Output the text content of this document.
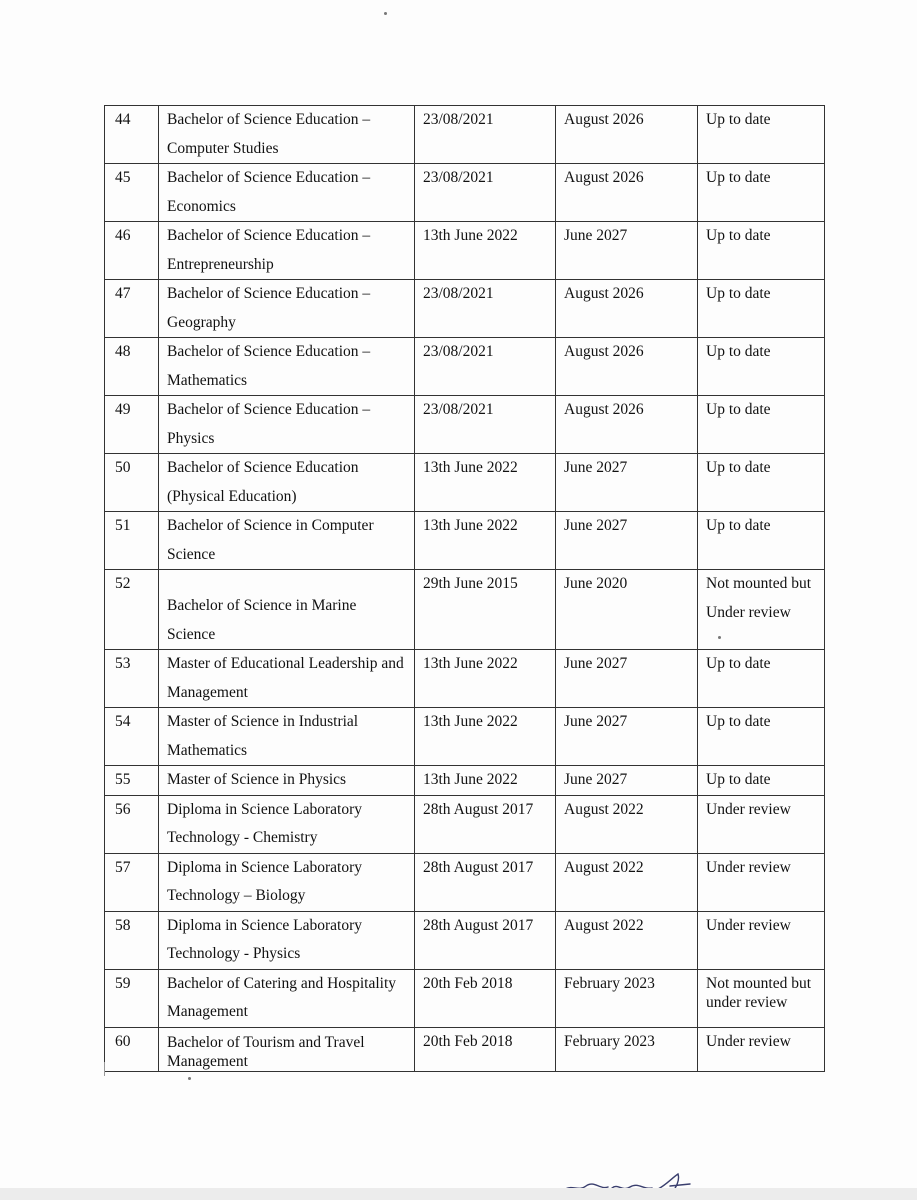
44	Bachelor of Science Education – Computer Studies	23/08/2021	August 2026	Up to date
45	Bachelor of Science Education – Economics	23/08/2021	August 2026	Up to date
46	Bachelor of Science Education – Entrepreneurship	13th June 2022	June 2027	Up to date
47	Bachelor of Science Education – Geography	23/08/2021	August 2026	Up to date
48	Bachelor of Science Education – Mathematics	23/08/2021	August 2026	Up to date
49	Bachelor of Science Education – Physics	23/08/2021	August 2026	Up to date
50	Bachelor of Science Education (Physical Education)	13th June 2022	June 2027	Up to date
51	Bachelor of Science in Computer Science	13th June 2022	June 2027	Up to date
52	Bachelor of Science in Marine Science	29th June 2015	June 2020	Not mounted but Under review
53	Master of Educational Leadership and Management	13th June 2022	June 2027	Up to date
54	Master of Science in Industrial Mathematics	13th June 2022	June 2027	Up to date
55	Master of Science in Physics	13th June 2022	June 2027	Up to date
56	Diploma in Science Laboratory Technology - Chemistry	28th August 2017	August 2022	Under review
57	Diploma in Science Laboratory Technology – Biology	28th August 2017	August 2022	Under review
58	Diploma in Science Laboratory Technology - Physics	28th August 2017	August 2022	Under review
59	Bachelor of Catering and Hospitality Management	20th Feb 2018	February 2023	Not mounted but under review
60	Bachelor of Tourism and Travel Management	20th Feb 2018	February 2023	Under review
